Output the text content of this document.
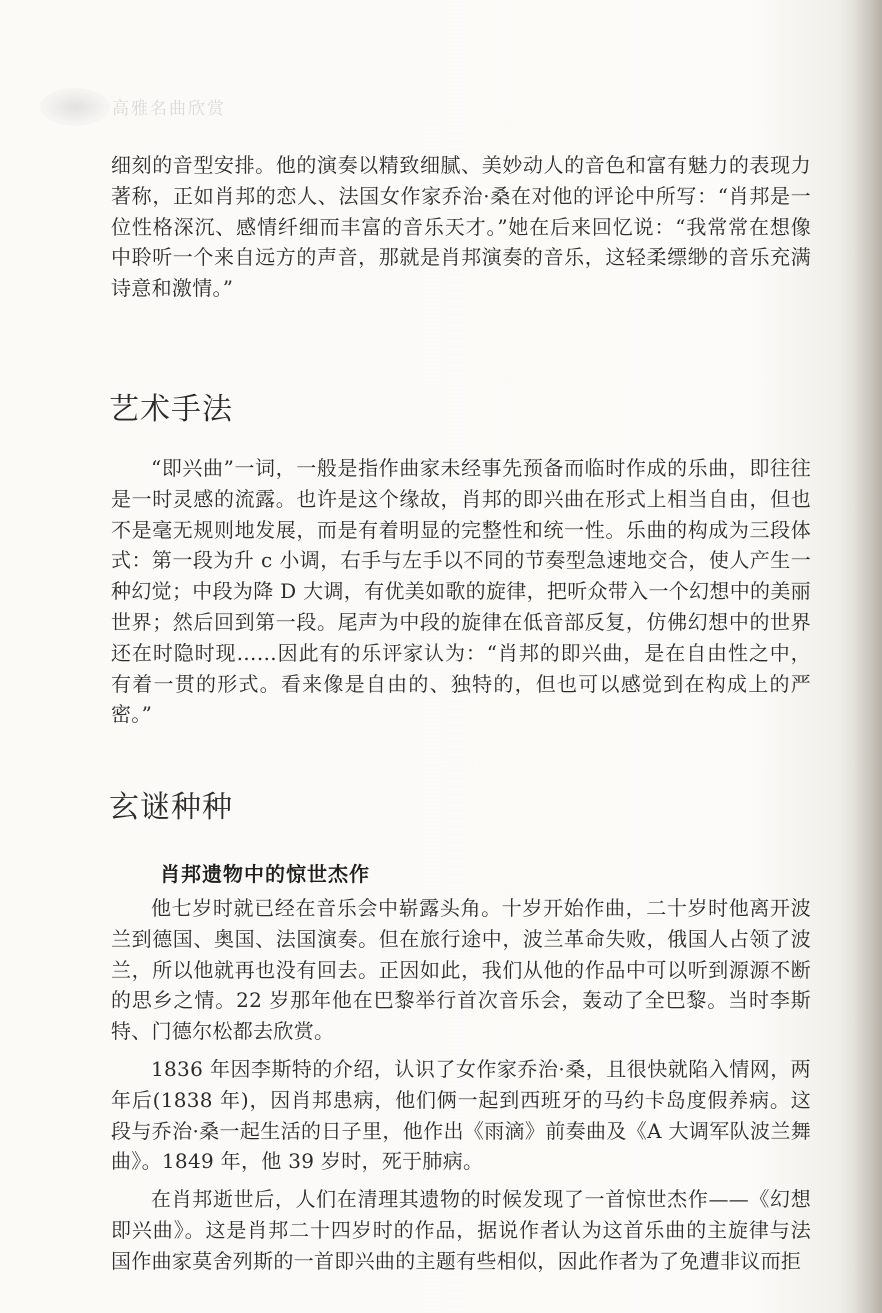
高雅名曲欣赏

细刻的音型安排。他的演奏以精致细腻、美妙动人的音色和富有魅力的表现力著称，正如肖邦的恋人、法国女作家乔治·桑在对他的评论中所写：“肖邦是一位性格深沉、感情纤细而丰富的音乐天才。”她在后来回忆说：“我常常在想像中聆听一个来自远方的声音，那就是肖邦演奏的音乐，这轻柔缥缈的音乐充满诗意和激情。”

艺术手法

“即兴曲”一词，一般是指作曲家未经事先预备而临时作成的乐曲，即往往是一时灵感的流露。也许是这个缘故，肖邦的即兴曲在形式上相当自由，但也不是毫无规则地发展，而是有着明显的完整性和统一性。乐曲的构成为三段体式：第一段为升 c 小调，右手与左手以不同的节奏型急速地交合，使人产生一种幻觉；中段为降 D 大调，有优美如歌的旋律，把听众带入一个幻想中的美丽世界；然后回到第一段。尾声为中段的旋律在低音部反复，仿佛幻想中的世界还在时隐时现……因此有的乐评家认为：“肖邦的即兴曲，是在自由性之中，有着一贯的形式。看来像是自由的、独特的，但也可以感觉到在构成上的严密。”

玄谜种种
肖邦遗物中的惊世杰作

他七岁时就已经在音乐会中崭露头角。十岁开始作曲，二十岁时他离开波兰到德国、奥国、法国演奏。但在旅行途中，波兰革命失败，俄国人占领了波兰，所以他就再也没有回去。正因如此，我们从他的作品中可以听到源源不断的思乡之情。22 岁那年他在巴黎举行首次音乐会，轰动了全巴黎。当时李斯特、门德尔松都去欣赏。

1836 年因李斯特的介绍，认识了女作家乔治·桑，且很快就陷入情网，两年后(1838 年)，因肖邦患病，他们俩一起到西班牙的马约卡岛度假养病。这段与乔治·桑一起生活的日子里，他作出《雨滴》前奏曲及《A 大调军队波兰舞曲》。1849 年，他 39 岁时，死于肺病。

在肖邦逝世后，人们在清理其遗物的时候发现了一首惊世杰作——《幻想即兴曲》。这是肖邦二十四岁时的作品，据说作者认为这首乐曲的主旋律与法国作曲家莫舍列斯的一首即兴曲的主题有些相似，因此作者为了免遭非议而拒
